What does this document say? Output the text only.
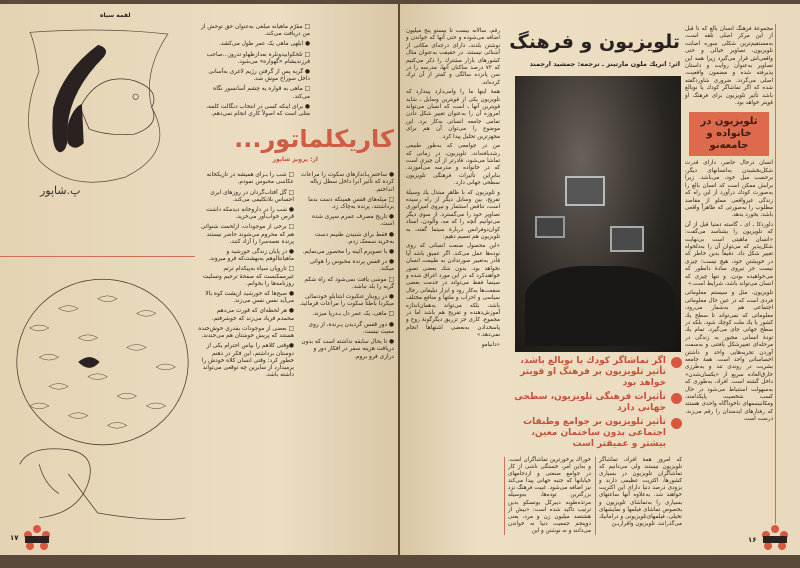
لقمه سیاه
پ.شاپور
□ مقرّم ماهیانه مبلغی به‌عنوان حق توحش از من دریافت می‌کند.
● ابلهی ماهی یک عمر طول می‌کشد.
□ تلخکوابیدونلره بعدازظهاو تدروز...صاحب فرزندیشام «گهواره» می‌شود.
● گربه پس از گرفتن رژیم لاغری به‌آسانی داخل سوراخ موش شد.
□ ماهی به قواره یه چشم آسانسور نگاه می‌کند.
● برای اینکه کسی در انتخاب دنگالت کلمه، مثلی است که اصولاً کاری انجام نمی‌دهم.
کاریکلماتور...
از: پرویز شاپور
● ساختم پـاندازهای سکوت را مراعات کرده که تأثیر آنرا داخل سطل زباله انداختم.
□ میله‌های قفس همینکه دست بدما برداشتند، پرنده به‌چاک زد.
● تاریخ مصرف عمرم سپری شده است.
● فقط برای شنیدن طنینم دست به‌خرید سمعک زدم.
● با تصویرم آئینه را محصور می‌نمایم.
● در قفس پرنده محبوس را هوائی میکند.
□ موشی یافت نمی‌شود که راه شکم گربه را بلد نباشد.
● در روبنار عنکبوت ابتنابلو خودنمائی میکردا باطناً سکوت را مراعات فرمائید.
□ ماهی، یک عمر دل بـدریا میزند.
● دور قفس گردیدن پـرنده، از روی معیت نیست.
● تا بحال سابقه نداشته است که بدون دریافت هزینه سفر در افکار دور و درازی فرو بروم.
□ شب را بـرای همیشه در تاریکخانه عکاسی محبوس نمودم.
□ گل آفتاب‌گردان در روزهای ابری احساس بلاتکلیفی می‌کند.
● شب را در داروخانه دیدمکه داشت قرص خواب‌آور می‌خرید.
□ برخی از موجودات، ازلحمت شنوائی هم که محروم می‌شوند حاضر نیستند پرنده نغمه‌سرا را آزاد کنند.
● در پایان زندگی خورشید و ماهیانتالوهم به‌بهشت‌که فرو میروند.
□ تاروپان سیاه به‌پیکدام ترتم غیرممکنست که صفحهٔ ترحیم وتسلیت روزنامه‌ها را بخوانم.
● صبح‌ها که خورشید ازپشت کوه بالا می‌آید نفس نفس می‌زند.
● هر لحظه‌ای که قورت می‌دهم محمدم فریاد می‌زند که خوشرفتم.
□ بعضی از موجودات بقدری خوش‌خنده هستند که پریش خوشتان هم می‌خندند.
●وقتی کلاهم را بپاس احترام یکی از دوستان برداشتم، این فکر در ذهنم خطور کرد: وقتی انسان کلاه خودش را برمیدارد از سایرین چه توقعی می‌تواند داشته باشد.
۱۷

رقم، سالانه بیست تا بیستو پنج میلیون اضافه می‌شوده و حتی آنها که خواندن و نوشتن بلدند، دارای درجه‌ای مکانی از آشنائی نیستند. در حقیقت به‌عنوان مثال کشورهای بازار مشترك را ذکر می‌کنیم که ۷۳ درصد ساکنان آنها، مدرسه را در سن پانزده سالگی و کمتر از آن ترك کرده‌اند.

همهٔ اینها ما را وامی‌دارد پیندارد که تلویزیون یکی از قویترین وسایل ـ شاید قویترین آنها ـ است که انسان می‌تواند امروزه آن را به‌عنوان تغییر شکل دادن تمامی جامعه انسانی به‌کار برد. این موضوع را می‌توان آن هم برای مجهزترین تحلیل پیدا کرد.

من در جوامعی که به‌طور طبیعی رشدیافته‌اند، تلویزیون، در زمانی که تماشا می‌شود، قادرتر از آن چیزی است که در خانواده و مدرسه می‌آموزند. بنابراین تأثیرات فرهنگی تلویزیون سطحی جهانی دارد.

و تلویزیون که با ظاهر مبتذل یك وسیلهٔ تفریح، بین وسایل دیگر از راه رسیده است، تناقض استثمار و نیروی امپراتوری تصاویر خود را می‌گسترد. از سوی دیگر می‌توانیم آنچه را که مه، والودن، استاد کوان‌دوفرانس دربارهٔ سینما گفته، به تلویزیون هم تعمیم دهیم:

«این محصول صنعت انسانی که روی توده‌ها عمل می‌کند. اگر عمیق باشد آیا قادر به‌تغییر صورتدادن به طبیعت انسان نخواهد بود. بدون شك بعضی تصور خواهندکرد که در این مورد اغراق شده و سینما فقط می‌تواند در خدمت بعضی منفعت‌ها به‌کار رود و ابزار تبلیغاتی رجال سیاسی و احزاب و ملتها و منافع مختلف باشد، بلکه می‌تواند به‌همان‌اندازه آموزش‌دهنده و تفریح هم باشد اما در مجموع، کاری جز تزریق دیگرگونهٔ روح و پاسخدادن به‌بعضی اشتهاها انجام نمی‌دهد.»

«دانیامو

تلویزیون و فرهنگ
اثر: انریك ملون مارتینز ـ ترجمه: جمشید ارجمند
اگر تماشاگر کودك یا نوبالغ باشد، تأثیر تلویزیون بر فرهنگ او قویتر خواهد بود
تأثیرات فرهنگی تلویزیون، سطحی جهانی دارد
تأثیر تلویزیون بر جوامع وطبقات اجتماعی بدون ساختمان معین، بیشتر و عمیقتر است
که امروز همهٔ افراد، تماشاگر تلویزیون نیستند ولی می‌دانیم که تماشاگران تلویزیون در بسیاری کشورها، اکثریت عظیمی دارند و بزودی درصد دنیا دارای این اکثریت خواهند شد. به‌علاوه آنها ساعتهای بسیاری را به‌تماشای تلویزیون و بخصوص تماشای فیلمها و نمایشهای تخیلی، فیلمهای‌تلویزیونی و درامانیك می‌گذرانند. تلویزیون واقراریـن
خوراك پرخورترین تماشاگران است. و به‌این امر، خستگی ناشی از کار در جوامع صنعتی و ازدحامهای خیابانها که جنبه جهانی پیدا می‌کند نیز اضافه می‌شود. غیبت فرهنگ نزد بزرگترین توده‌ها، به‌وسیله مرتذه‌طوبه دیبرکل یونسکو بدین ترتیب تاکید شده است: «بیش از هشتصد میلیون زن و مرد، یعنی دوپنجم جمعیت دنیا نه خواندن می‌دانند و نه نوشتن و این

مجموعهٔ فرهنگ انسان بالغ که تا قبل از این مرکز اصلی تلقه است، به‌مستقیم‌ترین شکلی سوره اصابت تلویزیون، تصاویر خیالی و حتی واقعی‌اش قرار می‌گیرد زیرا همه این تصاویر به‌عنوان روایت و داستان پذیرفته شده و مضمون واقعیت، اصلی می‌گردد. ضروری شاوردگفته شده که اگر تماشاگر کودك یا نوبالغ باشد تأثیر تلویزیون برای فرهنگ او قویتر خواهد بود.

تلویزیون در خانواده و جامعه‌نو

انسان درحال حاضر، دارای قدرت شکل‌بخشیدن به‌انسانهای دیگر، برحسب میل خود، می‌باشد. زیرا برایش ممکن است که انسان بالغ را به‌صورت کودك درآورد از این راه که زندگی غیرواقعی مملو از مقاصد مطلوب را به‌صورتی که ظاهراً واقعی باشد، بخورد بدهد.

داوردکا ـ ای ـ گاسته دمتیا قبل از آن که تلویزیون را بشناسد می‌گفت: «انسان ماهیتی است بی‌نهایت شکل‌پذیر که می‌توان آن را به‌دلخواه تغییر شکل داد. دقیقاً بدین خاطر که در خویشتن خود، هیچ نیست؛ چیزی نیست جز نیروی سادهٔ دانطور که می‌خواهیده بودن، و تنها چیزی که انسان می‌تواند باشد، شرایط است.»

تلویزیون، مثل و سیستم معلوماتی فردی است که در عین حال معلوماتی اجتماعی هم به‌شمار می‌رود، معلوماتی که نمی‌تواند تا سطح یك کشور یا یك ملت کوچك شود، بلکه در سطح جهانی جای می‌گیرد. تمام یك تودهٔ انسانی مجبور به زندگی در مرحله‌ای تغییرشکل یافتنی و به‌سمت آوردن تجربه‌هایی واحد و داشتن احساساتی واحد است. همهٔ جامعه بشریت در روندی تند و به‌طرزی خارق‌العاده سریع از «یکسان‌شدن» داخل گشته است. افراد، به‌طوری که به‌سهولت استنباط می‌شود در حال کسب شخصیت پاپکدامند، ومکانیسمهای ناخودآگاه واحدی هستند که رفتارهای ایدمندان را رقم می‌زند. درست است

۱۶
